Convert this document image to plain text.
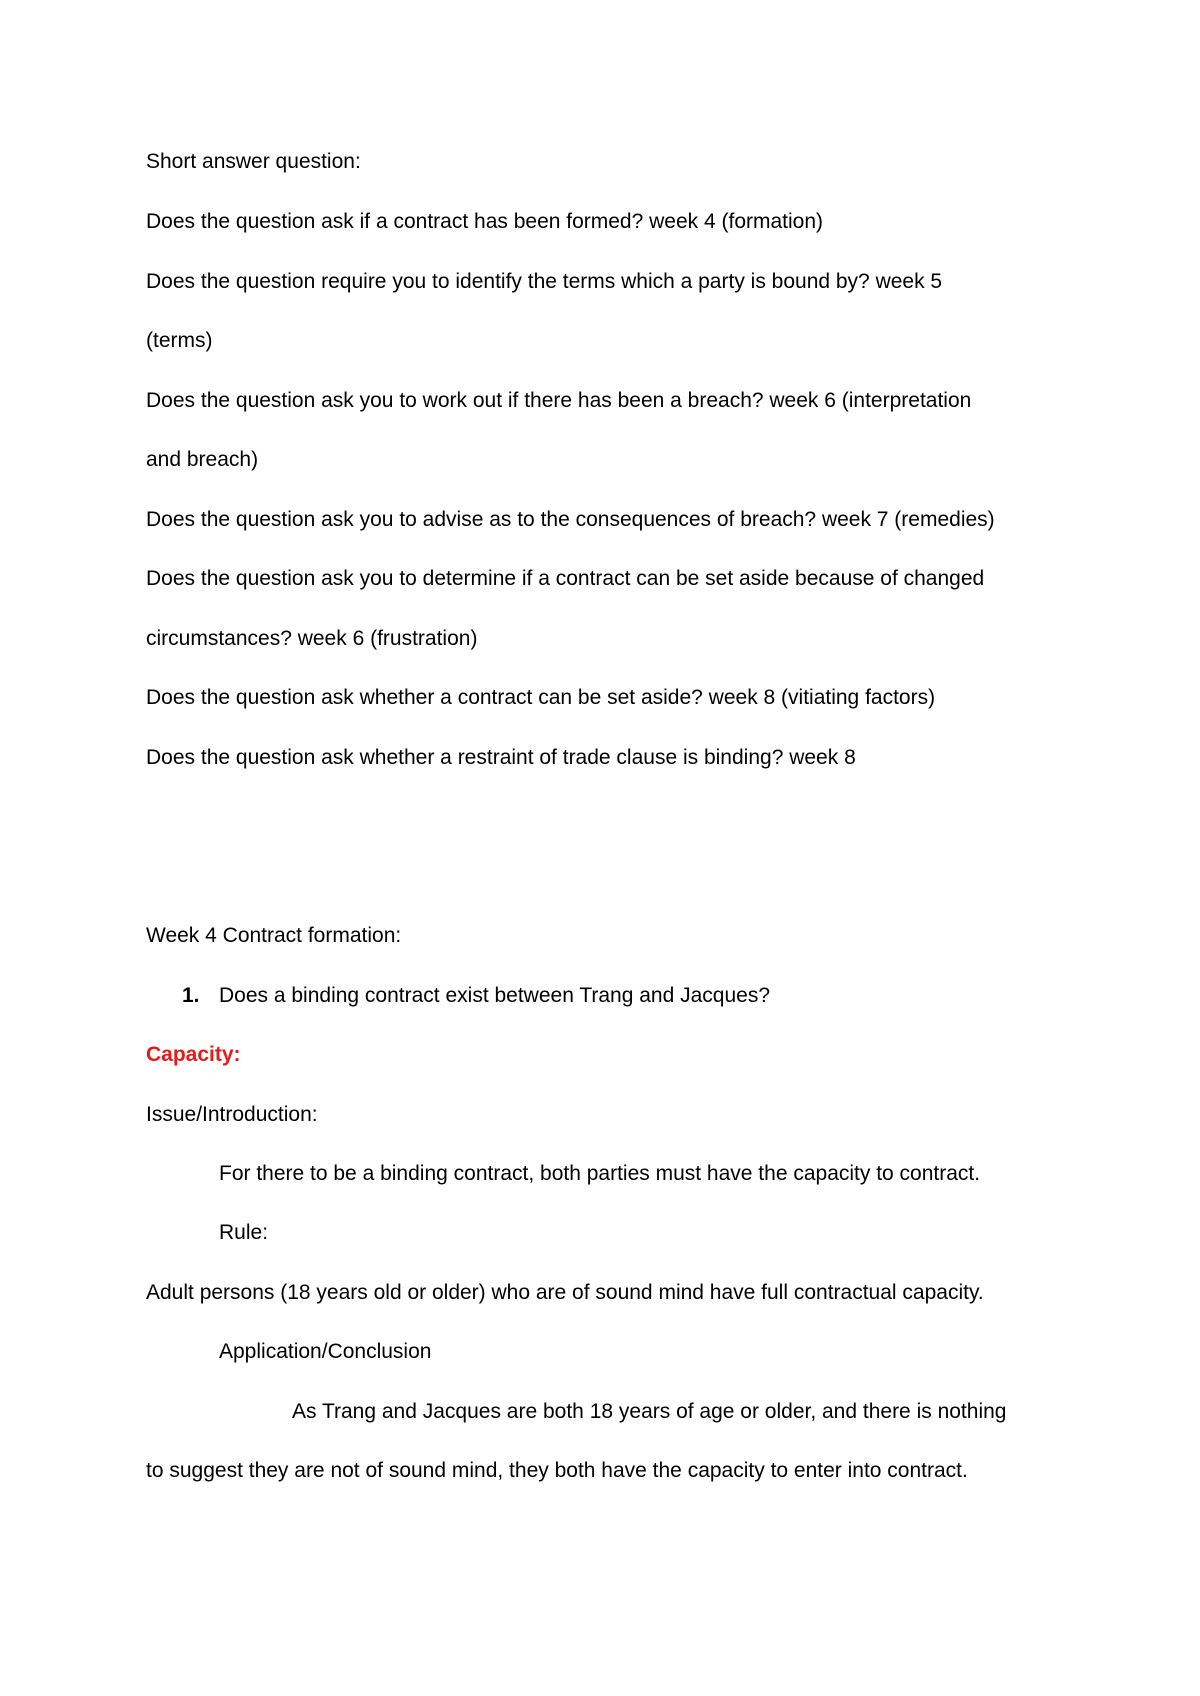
Short answer question:
Does the question ask if a contract has been formed? week 4 (formation)
Does the question require you to identify the terms which a party is bound by? week 5
(terms)
Does the question ask you to work out if there has been a breach? week 6 (interpretation
and breach)
Does the question ask you to advise as to the consequences of breach? week 7 (remedies)
Does the question ask you to determine if a contract can be set aside because of changed
circumstances? week 6 (frustration)
Does the question ask whether a contract can be set aside? week 8 (vitiating factors)
Does the question ask whether a restraint of trade clause is binding? week 8
Week 4 Contract formation:
1. Does a binding contract exist between Trang and Jacques?
Capacity:
Issue/Introduction:
For there to be a binding contract, both parties must have the capacity to contract.
Rule:
Adult persons (18 years old or older) who are of sound mind have full contractual capacity.
Application/Conclusion
As Trang and Jacques are both 18 years of age or older, and there is nothing
to suggest they are not of sound mind, they both have the capacity to enter into contract.
